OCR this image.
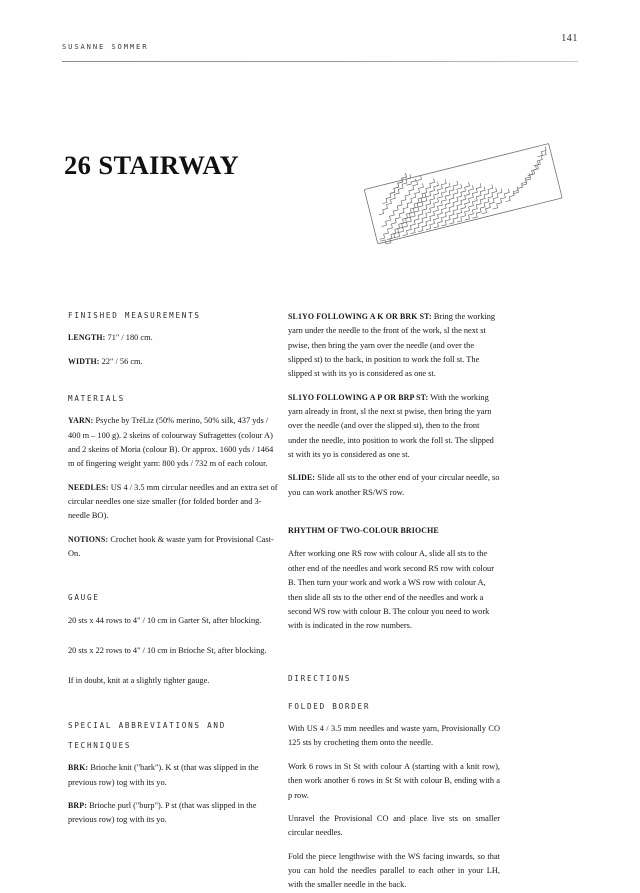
SUSANNE SOMMER
141
26 STAIRWAY
FINISHED MEASUREMENTS

LENGTH: 71" / 180 cm.

WIDTH: 22" / 56 cm.

MATERIALS

YARN: Psyche by TréLiz (50% merino, 50% silk, 437 yds / 400 m – 100 g). 2 skeins of colourway Sufragettes (colour A) and 2 skeins of Moria (colour B). Or approx. 1600 yds / 1464 m of fingering weight yarn: 800 yds / 732 m of each colour.

NEEDLES: US 4 / 3.5 mm circular needles and an extra set of circular needles one size smaller (for folded border and 3-needle BO).

NOTIONS: Crochet hook & waste yarn for Provisional Cast-On.

GAUGE

20 sts x 44 rows to 4" / 10 cm in Garter St, after blocking.

20 sts x 22 rows to 4" / 10 cm in Brioche St, after blocking.

If in doubt, knit at a slightly tighter gauge.

SPECIAL ABBREVIATIONS AND
TECHNIQUES

BRK: Brioche knit ("bark"). K st (that was slipped in the previous row) tog with its yo.

BRP: Brioche purl ("burp"). P st (that was slipped in the previous row) tog with its yo.

SL1YO FOLLOWING A K OR BRK ST: Bring the working yarn under the needle to the front of the work, sl the next st pwise, then bring the yarn over the needle (and over the slipped st) to the back, in position to work the foll st. The slipped st with its yo is considered as one st.

SL1YO FOLLOWING A P OR BRP ST: With the working yarn already in front, sl the next st pwise, then bring the yarn over the needle (and over the slipped st), then to the front under the needle, into position to work the foll st. The slipped st with its yo is considered as one st.

SLIDE: Slide all sts to the other end of your circular needle, so you can work another RS/WS row.

RHYTHM OF TWO-COLOUR BRIOCHE

After working one RS row with colour A, slide all sts to the other end of the needles and work second RS row with colour B. Then turn your work and work a WS row with colour A, then slide all sts to the other end of the needles and work a second WS row with colour B. The colour you need to work with is indicated in the row numbers.

DIRECTIONS
FOLDED BORDER

With US 4 / 3.5 mm needles and waste yarn, Provisionally CO 125 sts by crocheting them onto the needle.

Work 6 rows in St St with colour A (starting with a knit row), then work another 6 rows in St St with colour B, ending with a p row.

Unravel the Provisional CO and place live sts on smaller circular needles.

Fold the piece lengthwise with the WS facing inwards, so that you can hold the needles parallel to each other in your LH, with the smaller needle in the back.
